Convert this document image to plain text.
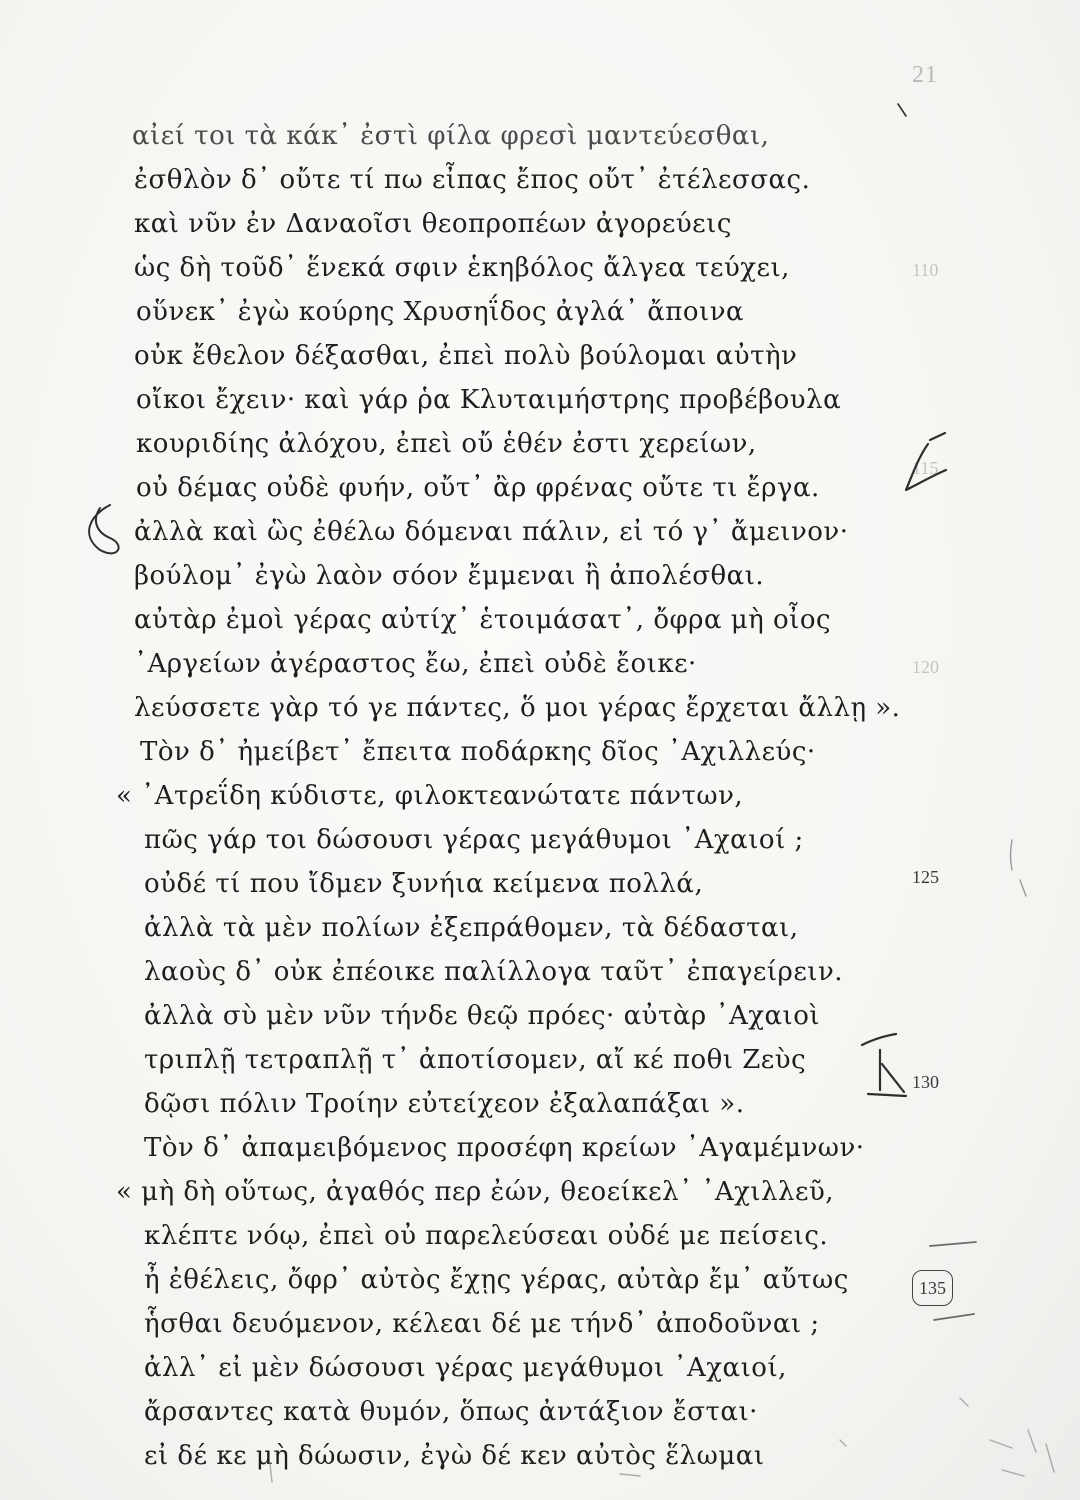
21
αἰεί τοι τὰ κάκ᾽ ἐστὶ φίλα φρεσὶ μαντεύεσθαι,
ἐσθλὸν δ᾽ οὔτε τί πω εἶπας ἔπος οὔτ᾽ ἐτέλεσσας.
καὶ νῦν ἐν Δαναοῖσι θεοπροπέων ἀγορεύεις
ὡς δὴ τοῦδ᾽ ἕνεκά σφιν ἑκηβόλος ἄλγεα τεύχει,
οὕνεκ᾽ ἐγὼ κούρης Χρυσηΐδος ἀγλά᾽ ἄποινα
οὐκ ἔθελον δέξασθαι, ἐπεὶ πολὺ βούλομαι αὐτὴν
οἴκοι ἔχειν· καὶ γάρ ῥα Κλυταιμήστρης προβέβουλα
κουριδίης ἀλόχου, ἐπεὶ οὔ ἑθέν ἐστι χερείων,
οὐ δέμας οὐδὲ φυήν, οὔτ᾽ ἂρ φρένας οὔτε τι ἔργα.
ἀλλὰ καὶ ὣς ἐθέλω δόμεναι πάλιν, εἰ τό γ᾽ ἄμεινον·
βούλομ᾽ ἐγὼ λαὸν σόον ἔμμεναι ἢ ἀπολέσθαι.
αὐτὰρ ἐμοὶ γέρας αὐτίχ᾽ ἑτοιμάσατ᾽, ὄφρα μὴ οἶος
᾽Αργείων ἀγέραστος ἔω, ἐπεὶ οὐδὲ ἔοικε·
λεύσσετε γὰρ τό γε πάντες, ὅ μοι γέρας ἔρχεται ἄλλῃ ».
Τὸν δ᾽ ἠμείβετ᾽ ἔπειτα ποδάρκης δῖος ᾽Αχιλλεύς·
« ᾽Ατρεΐδη κύδιστε, φιλοκτεανώτατε πάντων,
πῶς γάρ τοι δώσουσι γέρας μεγάθυμοι ᾽Αχαιοί ;
οὐδέ τί που ἴδμεν ξυνήια κείμενα πολλά,
ἀλλὰ τὰ μὲν πολίων ἐξεπράθομεν, τὰ δέδασται,
λαοὺς δ᾽ οὐκ ἐπέοικε παλίλλογα ταῦτ᾽ ἐπαγείρειν.
ἀλλὰ σὺ μὲν νῦν τήνδε θεῷ πρόες· αὐτὰρ ᾽Αχαιοὶ
τριπλῇ τετραπλῇ τ᾽ ἀποτίσομεν, αἴ κέ ποθι Ζεὺς
δῷσι πόλιν Τροίην εὐτείχεον ἐξαλαπάξαι ».
Τὸν δ᾽ ἀπαμειβόμενος προσέφη κρείων ᾽Αγαμέμνων·
« μὴ δὴ οὕτως, ἀγαθός περ ἐών, θεοείκελ᾽ ᾽Αχιλλεῦ,
κλέπτε νόῳ, ἐπεὶ οὐ παρελεύσεαι οὐδέ με πείσεις.
ἦ ἐθέλεις, ὄφρ᾽ αὐτὸς ἔχῃς γέρας, αὐτὰρ ἔμ᾽ αὔτως
ἧσθαι δευόμενον, κέλεαι δέ με τήνδ᾽ ἀποδοῦναι ;
ἀλλ᾽ εἰ μὲν δώσουσι γέρας μεγάθυμοι ᾽Αχαιοί,
ἄρσαντες κατὰ θυμόν, ὅπως ἀντάξιον ἔσται·
εἰ δέ κε μὴ δώωσιν, ἐγὼ δέ κεν αὐτὸς ἕλωμαι
110
115
120
125
130
135
